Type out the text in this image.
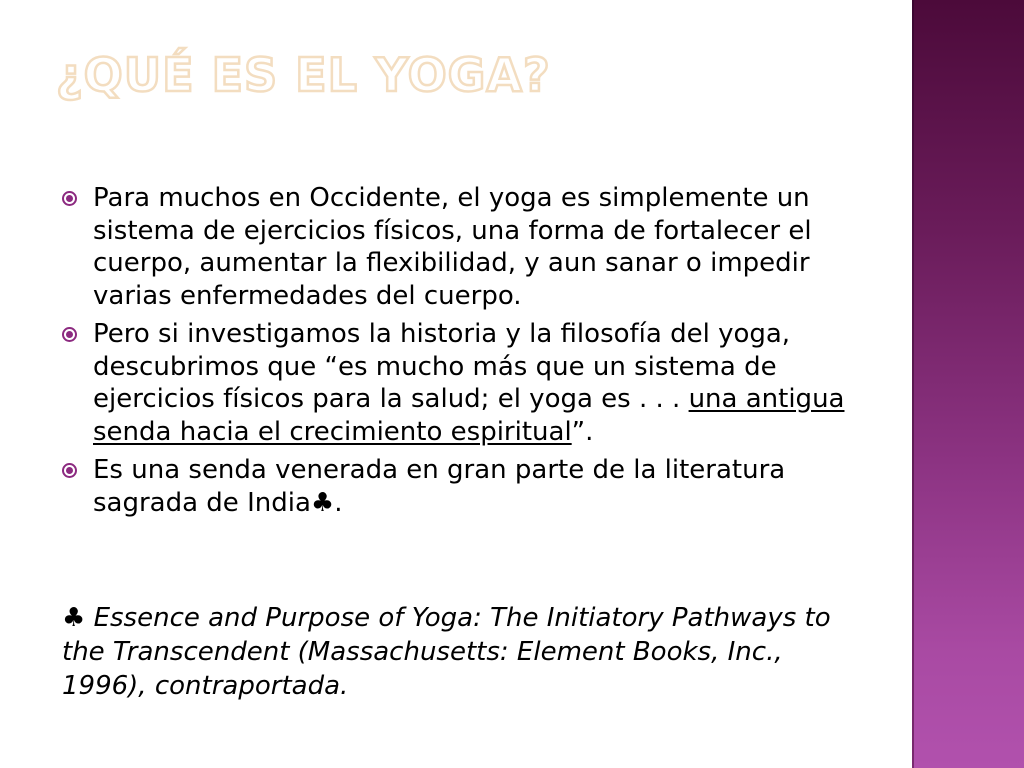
¿QUÉ ES EL YOGA?
Para muchos en Occidente, el yoga es simplemente un sistema de ejercicios físicos, una forma de fortalecer el cuerpo, aumentar la flexibilidad, y aun sanar o impedir varias enfermedades del cuerpo.
Pero si investigamos la historia y la filosofía del yoga, descubrimos que “es mucho más que un sistema de ejercicios físicos para la salud; el yoga es . . . una antigua senda hacia el crecimiento espiritual”.
Es una senda venerada en gran parte de la literatura sagrada de India♣.

♣ Essence and Purpose of Yoga: The Initiatory Pathways to the Transcendent (Massachusetts: Element Books, Inc., 1996), contraportada.
